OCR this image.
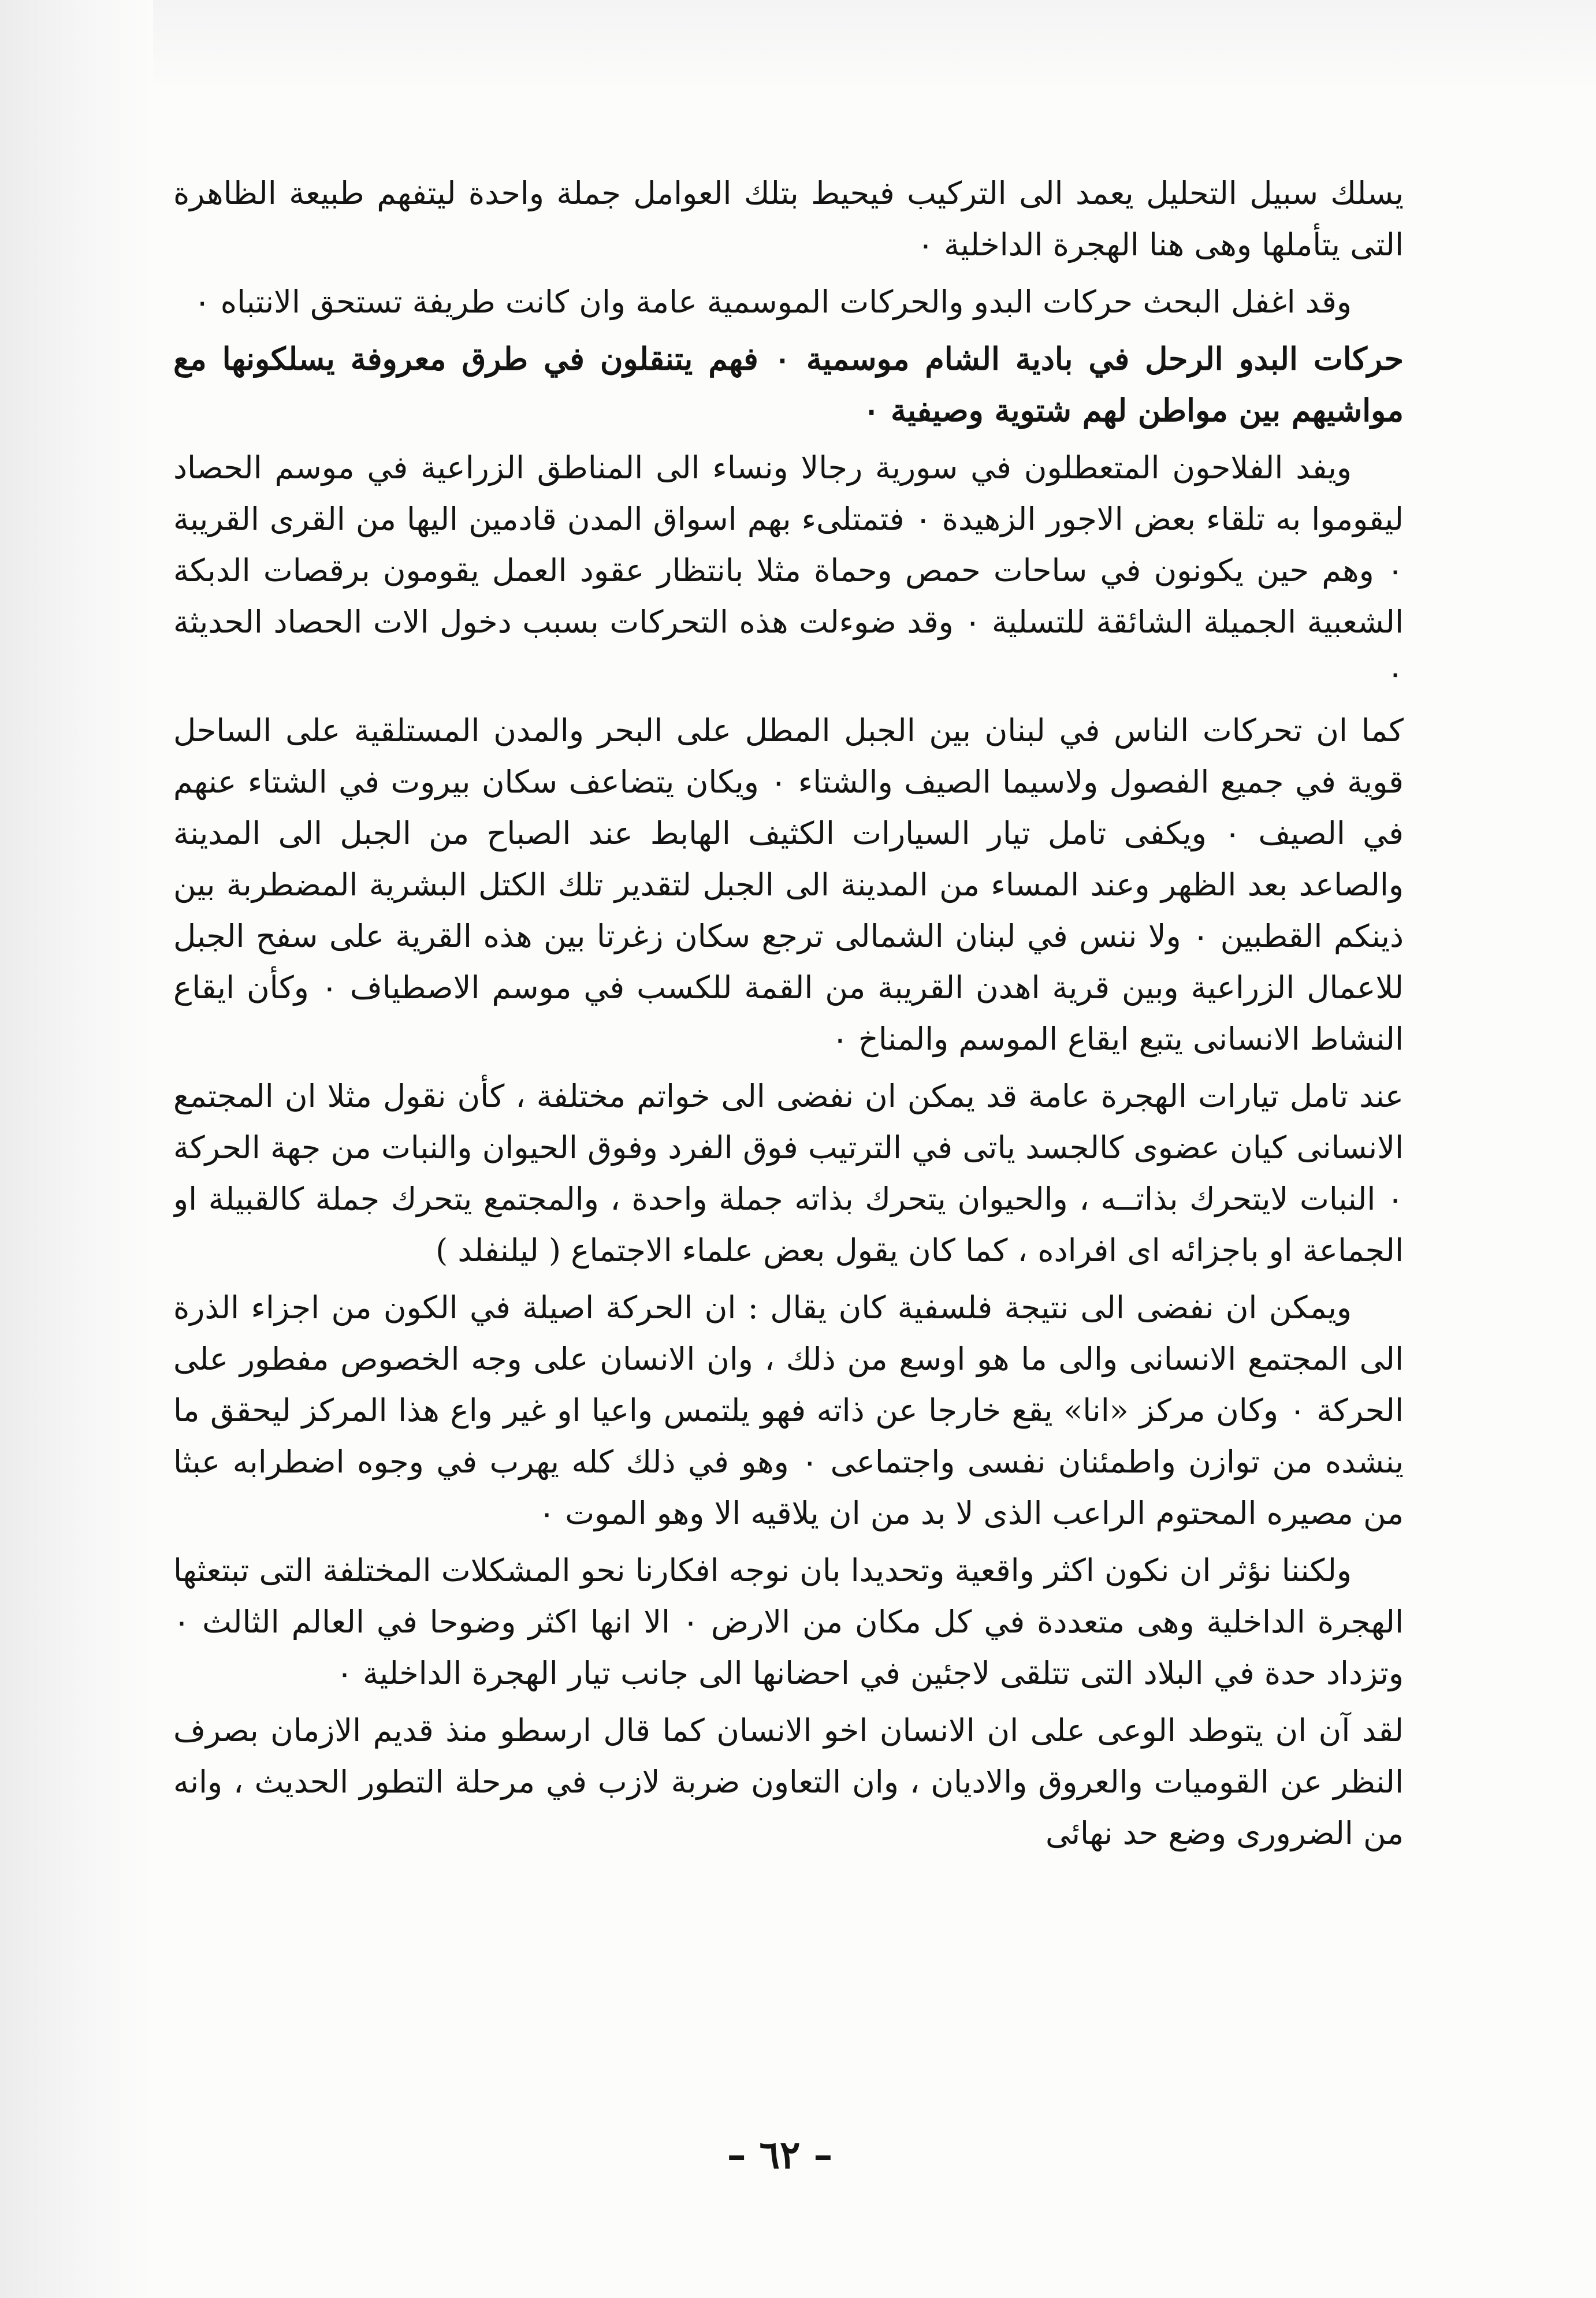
يسلك سبيل التحليل يعمد الى التركيب فيحيط بتلك العوامل جملة واحدة ليتفهم طبيعة الظاهرة التى يتأملها وهى هنا الهجرة الداخلية ٠

وقد اغفل البحث حركات البدو والحركات الموسمية عامة وان كانت طريفة تستحق الانتباه ٠

حركات البدو الرحل في بادية الشام موسمية ٠ فهم يتنقلون في طرق معروفة يسلكونها مع مواشيهم بين مواطن لهم شتوية وصيفية ٠

ويفد الفلاحون المتعطلون في سورية رجالا ونساء الى المناطق الزراعية في موسم الحصاد ليقوموا به تلقاء بعض الاجور الزهيدة ٠ فتمتلىء بهم اسواق المدن قادمين اليها من القرى القريبة ٠ وهم حين يكونون في ساحات حمص وحماة مثلا بانتظار عقود العمل يقومون برقصات الدبكة الشعبية الجميلة الشائقة للتسلية ٠ وقد ضوءلت هذه التحركات بسبب دخول الات الحصاد الحديثة ٠

كما ان تحركات الناس في لبنان بين الجبل المطل على البحر والمدن المستلقية على الساحل قوية في جميع الفصول ولاسيما الصيف والشتاء ٠ ويكان يتضاعف سكان بيروت في الشتاء عنهم في الصيف ٠ ويكفى تامل تيار السيارات الكثيف الهابط عند الصباح من الجبل الى المدينة والصاعد بعد الظهر وعند المساء من المدينة الى الجبل لتقدير تلك الكتل البشرية المضطربة بين ذينكم القطبين ٠ ولا ننس في لبنان الشمالى ترجع سكان زغرتا بين هذه القرية على سفح الجبل للاعمال الزراعية وبين قرية اهدن القريبة من القمة للكسب في موسم الاصطياف ٠ وكأن ايقاع النشاط الانسانى يتبع ايقاع الموسم والمناخ ٠

عند تامل تيارات الهجرة عامة قد يمكن ان نفضى الى خواتم مختلفة ، كأن نقول مثلا ان المجتمع الانسانى كيان عضوى كالجسد ياتى في الترتيب فوق الفرد وفوق الحيوان والنبات من جهة الحركة ٠ النبات لايتحرك بذاتــه ، والحيوان يتحرك بذاته جملة واحدة ، والمجتمع يتحرك جملة كالقبيلة او الجماعة او باجزائه اى افراده ، كما كان يقول بعض علماء الاجتماع ( ليلنفلد )

ويمكن ان نفضى الى نتيجة فلسفية كان يقال : ان الحركة اصيلة في الكون من اجزاء الذرة الى المجتمع الانسانى والى ما هو اوسع من ذلك ، وان الانسان على وجه الخصوص مفطور على الحركة ٠ وكان مركز «انا» يقع خارجا عن ذاته فهو يلتمس واعيا او غير واع هذا المركز ليحقق ما ينشده من توازن واطمئنان نفسى واجتماعى ٠ وهو في ذلك كله يهرب في وجوه اضطرابه عبثا من مصيره المحتوم الراعب الذى لا بد من ان يلاقيه الا وهو الموت ٠

ولكننا نؤثر ان نكون اكثر واقعية وتحديدا بان نوجه افكارنا نحو المشكلات المختلفة التى تبتعثها الهجرة الداخلية وهى متعددة في كل مكان من الارض ٠ الا انها اكثر وضوحا في العالم الثالث ٠ وتزداد حدة في البلاد التى تتلقى لاجئين في احضانها الى جانب تيار الهجرة الداخلية ٠

لقد آن ان يتوطد الوعى على ان الانسان اخو الانسان كما قال ارسطو منذ قديم الازمان بصرف النظر عن القوميات والعروق والاديان ، وان التعاون ضربة لازب في مرحلة التطور الحديث ، وانه من الضرورى وضع حد نهائى

– ٦٢ –
